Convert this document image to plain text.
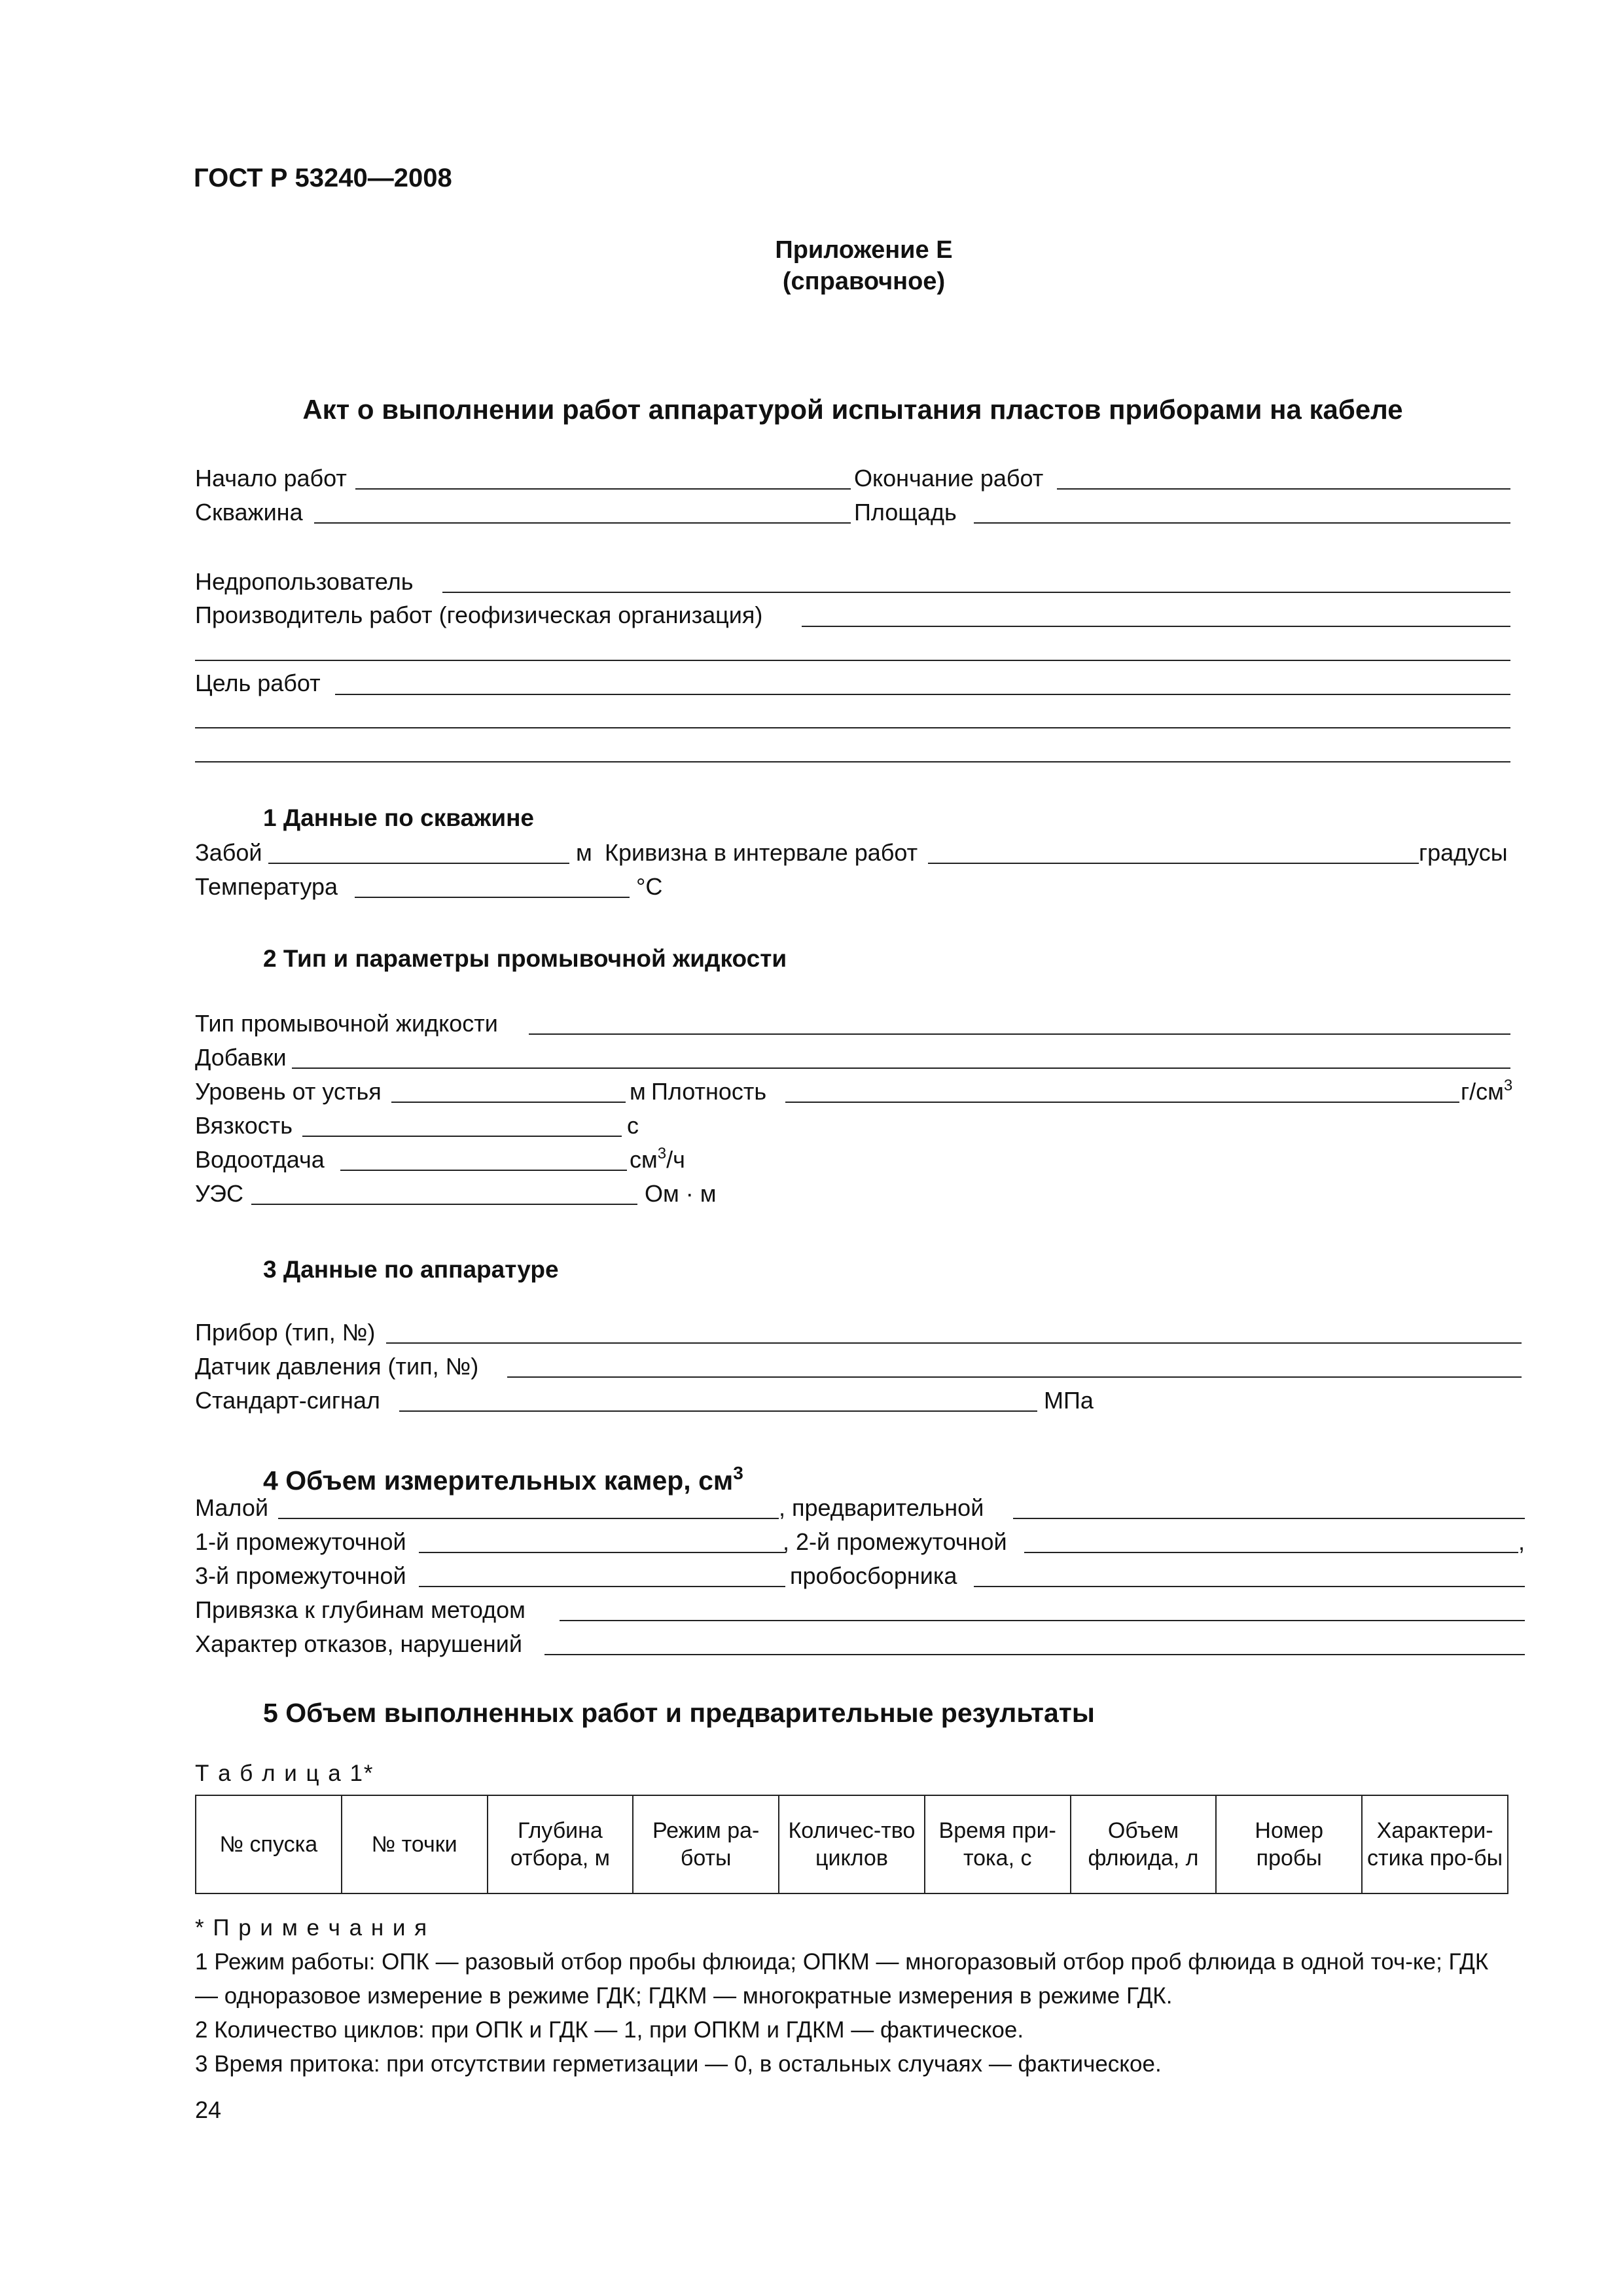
ГОСТ Р 53240—2008
Приложение Е
(справочное)
Акт о выполнении работ аппаратурой испытания пластов приборами на кабеле
Начало работ	Окончание работ
Скважина	Площадь
Недропользователь
Производитель работ (геофизическая организация)
Цель работ
1 Данные по скважине
Забой	м Кривизна в интервале работ	градусы
Температура	°С
2 Тип и параметры промывочной жидкости
Тип промывочной жидкости
Добавки
Уровень от устья	м Плотность	$г/см^3$
Вязкость	с
Водоотдача	$см^3/ч$
УЭС	Ом · м
3 Данные по аппаратуре
Прибор (тип, №)
Датчик давления (тип, №)
Стандарт-сигнал	МПа
4 Объем измерительных камер, $см^3$
Малой	, предварительной
1-й промежуточной	, 2-й промежуточной	,
3-й промежуточной	пробосборника
Привязка к глубинам методом
Характер отказов, нарушений
5 Объем выполненных работ и предварительные результаты
Т а б л и ц а 1*
№ спуска	№ точки	Глубина отбора, м	Режим ра-боты	Количес-тво циклов	Время при-тока, с	Объем флюида, л	Номер пробы	Характери-стика про-бы

* П р и м е ч а н и я

1 Режим работы: ОПК — разовый отбор пробы флюида; ОПКМ — многоразовый отбор проб флюида в одной точ-ке; ГДК — одноразовое измерение в режиме ГДК; ГДКМ — многократные измерения в режиме ГДК.

2 Количество циклов: при ОПК и ГДК — 1, при ОПКМ и ГДКМ — фактическое.

3 Время притока: при отсутствии герметизации — 0, в остальных случаях — фактическое.

24
